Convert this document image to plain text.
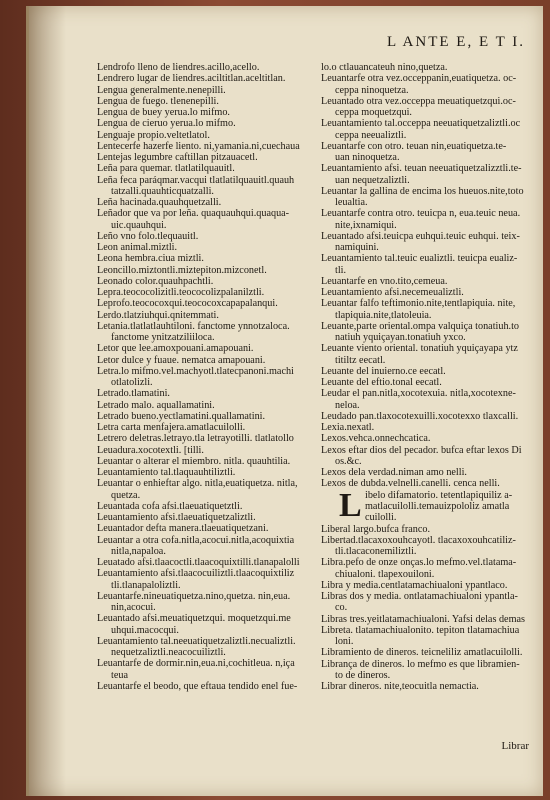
L ANTE E, E T I.
Lendrofo lleno de liendres.acillo,acello.
Lendrero lugar de liendres.aciltitlan.aceltitlan.
Lengua generalmente.nenepilli.
Lengua de fuego. tlenenepilli.
Lengua de buey yerua.lo mifmo.
Lengua de cieruo yerua.lo mifmo.
Lenguaje propio.veltetlatol.
Lentecerfe hazerfe liento. ni,yamania.ni,cuechaua
Lentejas legumbre caftillan pitzauacetl.
Leña para quemar. tlatlatilquauitl.
Leña feca paráqmar.vacqui tlatlatilquauitl.quauh
tatzalli.quauhticquatzalli.
Leña hacinada.quauhquetzalli.
Leñador que va por leña. quaquauhqui.quaqua-
uic.quauhqui.
Leño vno folo.tlequauitl.
Leon animal.miztli.
Leona hembra.ciua miztli.
Leoncillo.miztontli.miztepiton.mizconetl.
Leonado color.quauhpachtli.
Lepra.teococolizitli.teococolizpalanilztli.
Leprofo.teococoxqui.teococoxcapapalanqui.
Lerdo.tlatziuhqui.qnitemmati.
Letania.tlatlatlauhtiloni. fanctome ynnotzaloca.
fanctome ynitzatziliiloca.
Letor que lee.amoxpouani.amapouani.
Letor dulce y fuaue. nematca amapouani.
Letra.lo mifmo.vel.machyotl.tlatecpanoni.machi
otlatolizli.
Letrado.tlamatini.
Letrado malo. aquallamatini.
Letrado bueno.yectlamatini.quallamatini.
Letra carta menfajera.amatlacuilolli.
Letrero deletras.letrayo.tla letrayotilli. tlatlatollo
Leuadura.xocotextli. [tilli.
Leuantar o alterar el miembro. nitla. quauhtilia.
Leuantamiento tal.tlaquauhtiliztli.
Leuantar o enhieftar algo. nitla,euatiquetza. nitla,
quetza.
Leuantada cofa afsi.tlaeuatiquetztli.
Leuantamiento afsi.tlaeuatiquetzaliztli.
Leuantador defta manera.tlaeuatiquetzani.
Leuantar a otra cofa.nitla,acocui.nitla,acoquixtia
nitla,napaloa.
Leuatado afsi.tlaacoctli.tlaacoquixtilli.tlanapalolli
Leuantamiento afsi.tlaacocuiliztli.tlaacoquixtiliz
tli.tlanapaloliztli.
Leuantarfe.nineuatiquetza.nino,quetza. nin,eua.
nin,acocui.
Leuantado afsi.meuatiquetzqui. moquetzqui.me
uhqui.macocqui.
Leuantamiento tal.neeuatiquetzaliztli.necualiztli.
nequetzaliztli.neacocuiliztli.
Leuantarfe de dormir.nin,eua.ni,cochitleua. n,iça
teua
Leuantarfe el beodo, que eftaua tendido enel fue-
lo.o ctlauancateuh nino,quetza.
Leuantarfe otra vez.occeppanin,euatiquetza. oc-
ceppa ninoquetza.
Leuantado otra vez.occeppa meuatiquetzqui.oc-
ceppa moquetzqui.
Leuantamiento tal.occeppa neeuatiquetzaliztli.oc
ceppa neeualiztli.
Leuantarfe con otro. teuan nin,euatiquetza.te-
uan ninoquetza.
Leuantamiento afsi. teuan neeuatiquetzalizztli.te-
uan nequetzaliztli.
Leuantar la gallina de encima los hueuos.nite,toto
leualtia.
Leuantarfe contra otro. teuicpa n, eua.teuic neua.
nite,ixnamiqui.
Leuantado afsi.teuicpa euhqui.teuic euhqui. teix-
namiquini.
Leuantamiento tal.teuic eualiztli. teuicpa eualiz-
tli.
Leuantarfe en vno.tito,cemeua.
Leuantamiento afsi.necemeualiztli.
Leuantar falfo teftimonio.nite,tentlapiquia. nite,
tlapiquia.nite,tlatoleuia.
Leuante,parte oriental.ompa valquiça tonatiuh.to
natiuh yquiçayan.tonatiuh yxco.
Leuante viento oriental. tonatiuh yquiçayapa ytz
titiltz eecatl.
Leuante del inuierno.ce eecatl.
Leuante del eftio.tonal eecatl.
Leudar el pan.nitla,xocotexuia. nitla,xocotexne-
neloa.
Leudado pan.tlaxocotexuilli.xocotexxo tlaxcalli.
Lexia.nexatl.
Lexos.vehca.onnechcatica.
Lexos eftar dios del pecador. bufca eftar lexos Di
os.&c.
Lexos dela verdad.niman amo nelli.
Lexos de dubda.velnelli.canelli. cenca nelli.
L ibelo difamatorio. tetentlapiquiliz a-
matlacuilolli.temauizpololiz amatla
cuilolli.
Liberal largo.bufca franco.
Libertad.tlacaxoxouhcayotl. tlacaxoxouhcatiliz-
tli.tlacaconemiliztli.
Libra.pefo de onze onças.lo mefmo.vel.tlatama-
chiualoni. tlapexouiloni.
Libra y media.centlatamachiualoni ypantlaco.
Libras dos y media. ontlatamachiualoni ypantla-
co.
Libras tres.yeitlatamachiualoni. Yafsi delas demas
Libreta. tlatamachiualonito. tepiton tlatamachiua
loni.
Libramiento de dineros. teicneliliz amatlacuilolli.
Librança de dineros. lo mefmo es que libramien-
to de dineros.
Librar dineros. nite,teocuitla nemactia.
Librar
